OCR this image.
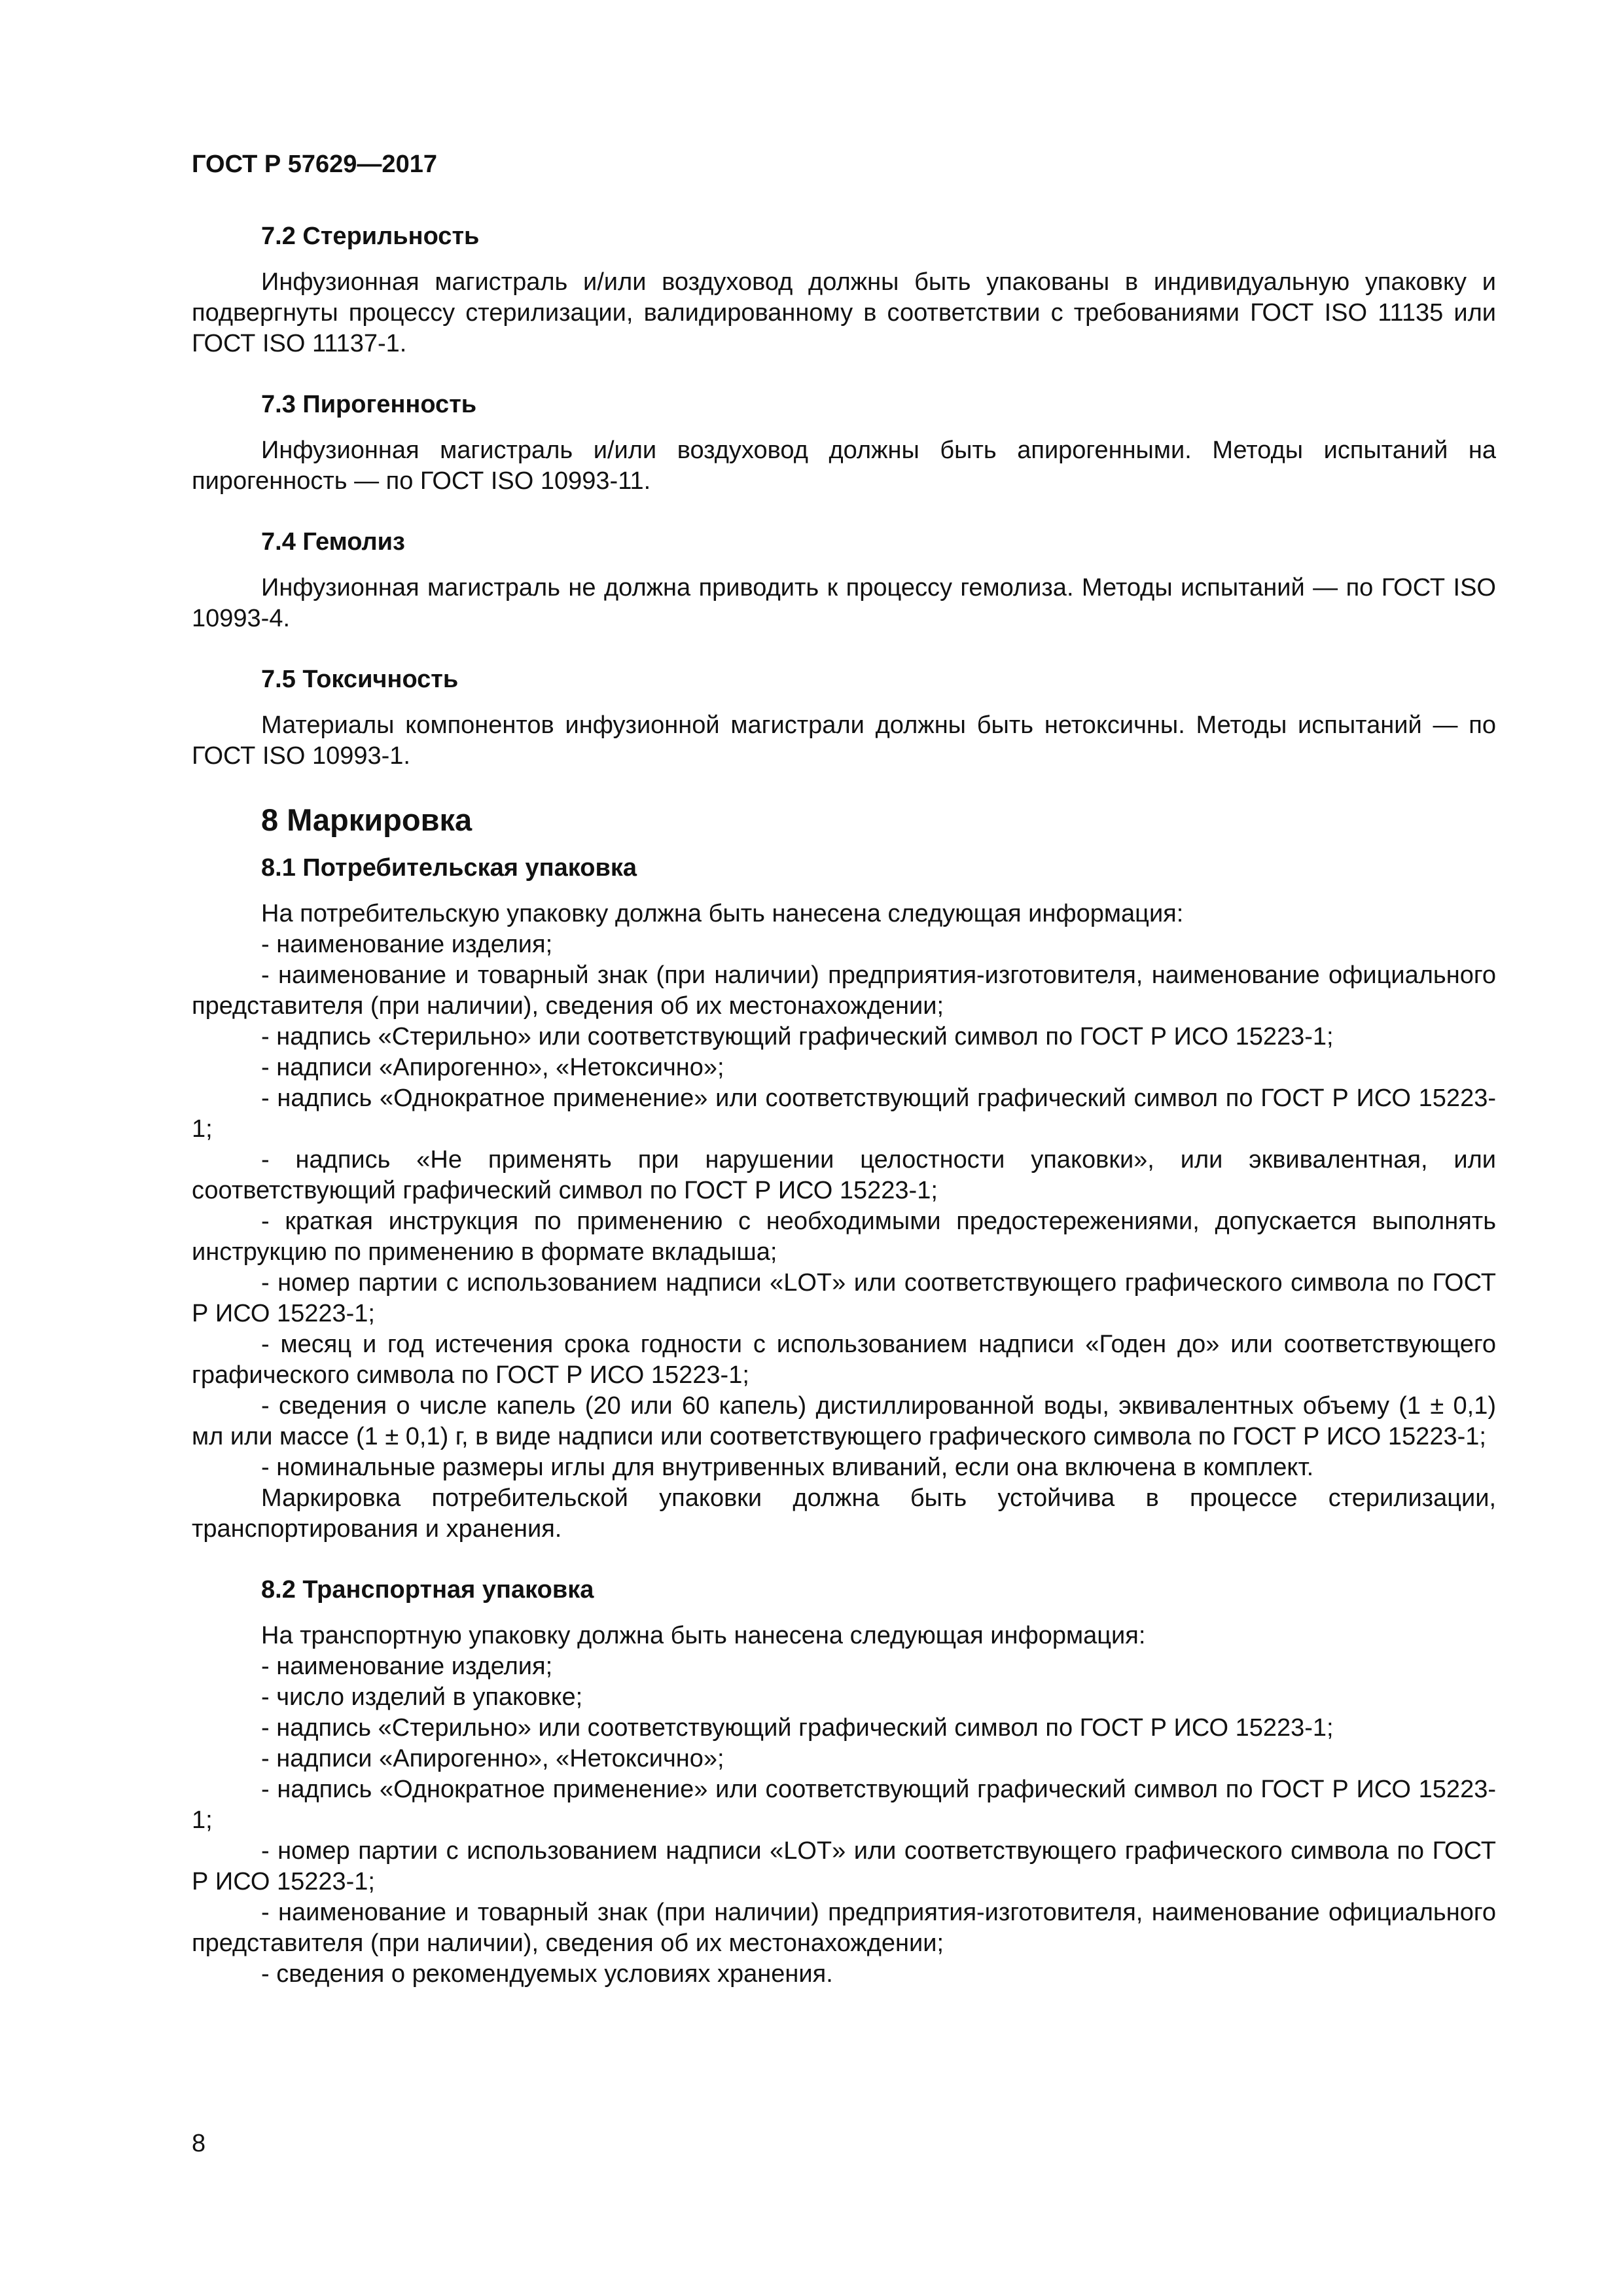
ГОСТ Р 57629—2017
7.2 Стерильность

Инфузионная магистраль и/или воздуховод должны быть упакованы в индивидуальную упаковку и подвергнуты процессу стерилизации, валидированному в соответствии с требованиями ГОСТ ISO 11135 или ГОСТ ISO 11137-1.

7.3 Пирогенность

Инфузионная магистраль и/или воздуховод должны быть апирогенными. Методы испытаний на пирогенность — по ГОСТ ISO 10993-11.

7.4 Гемолиз

Инфузионная магистраль не должна приводить к процессу гемолиза. Методы испытаний — по ГОСТ ISO 10993-4.

7.5 Токсичность

Материалы компонентов инфузионной магистрали должны быть нетоксичны. Методы испытаний — по ГОСТ ISO 10993-1.

8 Маркировка
8.1 Потребительская упаковка

На потребительскую упаковку должна быть нанесена следующая информация:

- наименование изделия;

- наименование и товарный знак (при наличии) предприятия-изготовителя, наименование официального представителя (при наличии), сведения об их местонахождении;

- надпись «Стерильно» или соответствующий графический символ по ГОСТ Р ИСО 15223-1;

- надписи «Апирогенно», «Нетоксично»;

- надпись «Однократное применение» или соответствующий графический символ по ГОСТ Р ИСО 15223-1;

- надпись «Не применять при нарушении целостности упаковки», или эквивалентная, или соответствующий графический символ по ГОСТ Р ИСО 15223-1;

- краткая инструкция по применению с необходимыми предостережениями, допускается выполнять инструкцию по применению в формате вкладыша;

- номер партии с использованием надписи «LOT» или соответствующего графического символа по ГОСТ Р ИСО 15223-1;

- месяц и год истечения срока годности с использованием надписи «Годен до» или соответствующего графического символа по ГОСТ Р ИСО 15223-1;

- сведения о числе капель (20 или 60 капель) дистиллированной воды, эквивалентных объему (1 ± 0,1) мл или массе (1 ± 0,1) г, в виде надписи или соответствующего графического символа по ГОСТ Р ИСО 15223-1;

- номинальные размеры иглы для внутривенных вливаний, если она включена в комплект.

Маркировка потребительской упаковки должна быть устойчива в процессе стерилизации, транспортирования и хранения.

8.2 Транспортная упаковка

На транспортную упаковку должна быть нанесена следующая информация:

- наименование изделия;

- число изделий в упаковке;

- надпись «Стерильно» или соответствующий графический символ по ГОСТ Р ИСО 15223-1;

- надписи «Апирогенно», «Нетоксично»;

- надпись «Однократное применение» или соответствующий графический символ по ГОСТ Р ИСО 15223-1;

- номер партии с использованием надписи «LOT» или соответствующего графического символа по ГОСТ Р ИСО 15223-1;

- наименование и товарный знак (при наличии) предприятия-изготовителя, наименование официального представителя (при наличии), сведения об их местонахождении;

- сведения о рекомендуемых условиях хранения.

8
